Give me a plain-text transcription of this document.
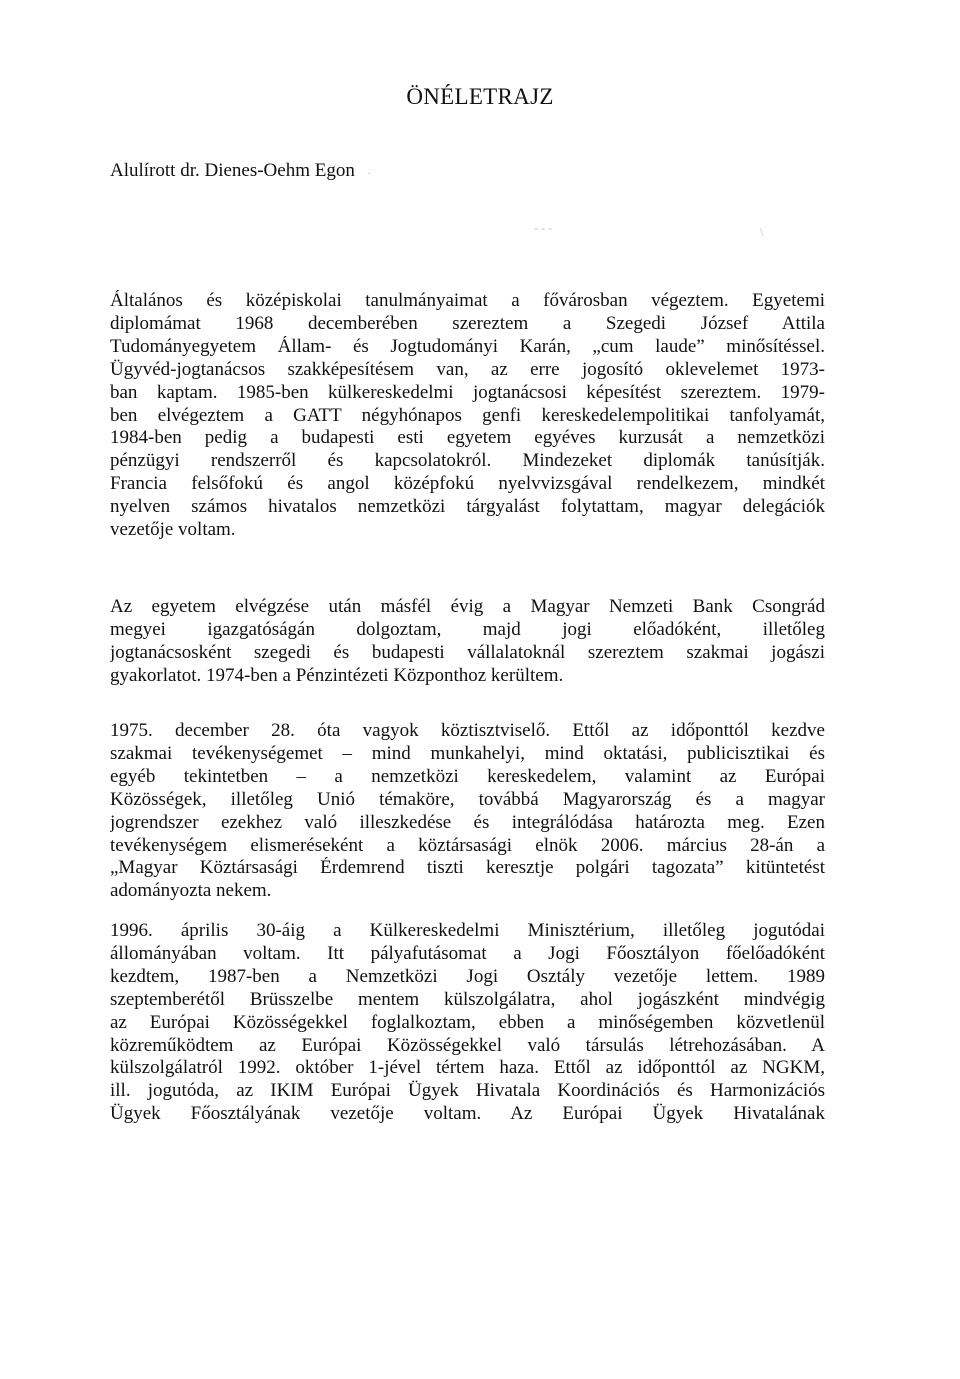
ÖNÉLETRAJZ

Alulírott dr. Dienes-Oehm Egon ·
- - -	\

Általános és középiskolai tanulmányaimat a fővárosban végeztem. Egyetemi
diplomámat 1968 decemberében szereztem a Szegedi József Attila
Tudományegyetem Állam- és Jogtudományi Karán, „cum laude” minősítéssel.
Ügyvéd-jogtanácsos szakképesítésem van, az erre jogosító oklevelemet 1973-
ban kaptam. 1985-ben külkereskedelmi jogtanácsosi képesítést szereztem. 1979-
ben elvégeztem a GATT négyhónapos genfi kereskedelempolitikai tanfolyamát,
1984-ben pedig a budapesti esti egyetem egyéves kurzusát a nemzetközi
pénzügyi rendszerről és kapcsolatokról. Mindezeket diplomák tanúsítják.
Francia felsőfokú és angol középfokú nyelvvizsgával rendelkezem, mindkét
nyelven számos hivatalos nemzetközi tárgyalást folytattam, magyar delegációk
vezetője voltam.

Az egyetem elvégzése után másfél évig a Magyar Nemzeti Bank Csongrád
megyei igazgatóságán dolgoztam, majd jogi előadóként, illetőleg
jogtanácsosként szegedi és budapesti vállalatoknál szereztem szakmai jogászi
gyakorlatot. 1974-ben a Pénzintézeti Központhoz kerültem.

1975. december 28. óta vagyok köztisztviselő. Ettől az időponttól kezdve
szakmai tevékenységemet – mind munkahelyi, mind oktatási, publicisztikai és
egyéb tekintetben – a nemzetközi kereskedelem, valamint az Európai
Közösségek, illetőleg Unió témaköre, továbbá Magyarország és a magyar
jogrendszer ezekhez való illeszkedése és integrálódása határozta meg. Ezen
tevékenységem elismeréseként a köztársasági elnök 2006. március 28-án a
„Magyar Köztársasági Érdemrend tiszti keresztje polgári tagozata” kitüntetést
adományozta nekem.

1996. április 30-áig a Külkereskedelmi Minisztérium, illetőleg jogutódai
állományában voltam. Itt pályafutásomat a Jogi Főosztályon főelőadóként
kezdtem, 1987-ben a Nemzetközi Jogi Osztály vezetője lettem. 1989
szeptemberétől Brüsszelbe mentem külszolgálatra, ahol jogászként mindvégig
az Európai Közösségekkel foglalkoztam, ebben a minőségemben közvetlenül
közreműködtem az Európai Közösségekkel való társulás létrehozásában. A
külszolgálatról 1992. október 1-jével tértem haza. Ettől az időponttól az NGKM,
ill. jogutóda, az IKIM Európai Ügyek Hivatala Koordinációs és Harmonizációs
Ügyek Főosztályának vezetője voltam. Az Európai Ügyek Hivatalának
